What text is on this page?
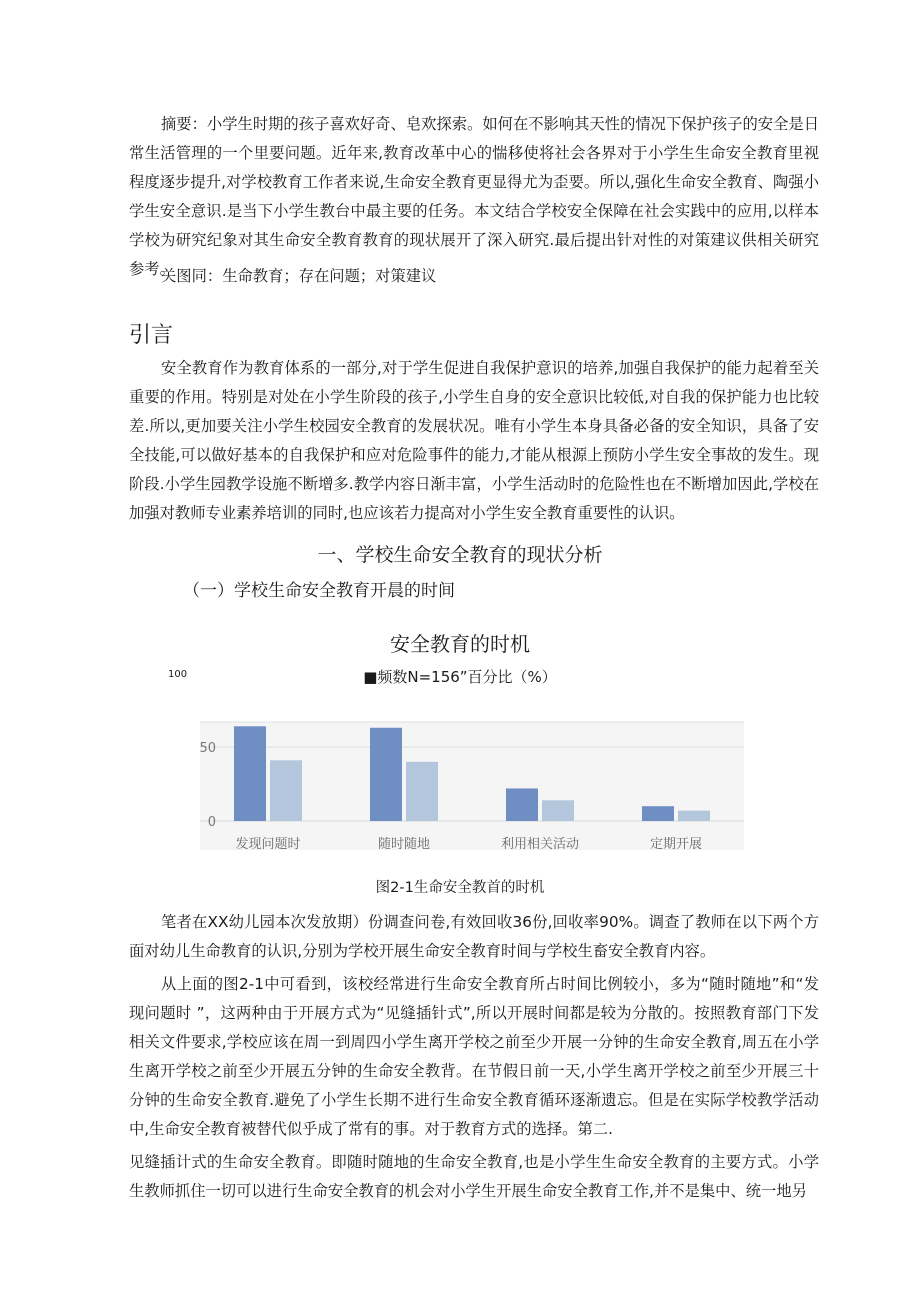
摘要：小学生时期的孩子喜欢好奇、皂欢探索。如何在不影响其天性的情况下保护孩子的安全是日常生活管理的一个里要问题。近年来,教育改革中心的惴移使将社会各界对于小学生生命安全教育里视程度逐步提升,对学校教育工作者来说,生命安全教育更显得尤为歪要。所以,强化生命安全教育、陶强小学生安全意识.是当下小学生教台中最主要的任务。本文结合学校安全保障在社会实践中的应用,以样本学校为研究纪象对其生命安全教育教育的现状展开了深入研究.最后提出针对性的对策建议供相关研究参考。

关图同：生命教育；存在问题；对策建议

引言

安全教育作为教育体系的一部分,对于学生促进自我保护意识的培养,加强自我保护的能力起着至关重要的作用。特别是对处在小学生阶段的孩子,小学生自身的安全意识比较低,对自我的保护能力也比较差.所以,更加要关注小学生校园安全教育的发展状况。唯有小学生本身具备必备的安全知识，具备了安全技能,可以做好基本的自我保护和应对危险事件的能力,才能从根源上预防小学生安全事故的发生。现阶段.小学生园教学设施不断增多.教学内容日渐丰富，小学生活动时的危险性也在不断增加因此,学校在加强对教师专业素养培训的同时,也应该若力提高对小学生安全教育重要性的认识。

一、学校生命安全教育的现状分析
（一）学校生命安全教育开晨的时间
安全教育的时机
100	■频数N=156”百分比（%）
50
0
发现问题时	随时随地	利用相关活动	定期开展
图2-1生命安全教首的时机

笔者在XX幼儿园本次发放期）份调查问卷,有效回收36份,回收率90%。调查了教师在以下两个方面对幼儿生命教育的认识,分别为学校开展生命安全教育时间与学校生畜安全教育内容。

从上面的图2-1中可看到，该校经常进行生命安全教育所占时间比例较小，多为“随时随地”和“发现问题时 ”，这两种由于开展方式为“见缝插针式”,所以开展时间都是较为分散的。按照教育部门下发相关文件要求,学校应该在周一到周四小学生离开学校之前至少开展一分钟的生命安全教育,周五在小学生离开学校之前至少开展五分钟的生命安全教背。在节假日前一天,小学生离开学校之前至少开展三十分钟的生命安全教育.避免了小学生长期不进行生命安全教育循环逐渐遗忘。但是在实际学校教学活动中,生命安全教育被替代似乎成了常有的事。对于教育方式的选择。第二.

见缝插计式的生命安全教育。即随时随地的生命安全教育,也是小学生生命安全教育的主要方式。小学生教师抓住一切可以进行生命安全教育的机会对小学生开展生命安全教育工作,并不是集中、统一地另
